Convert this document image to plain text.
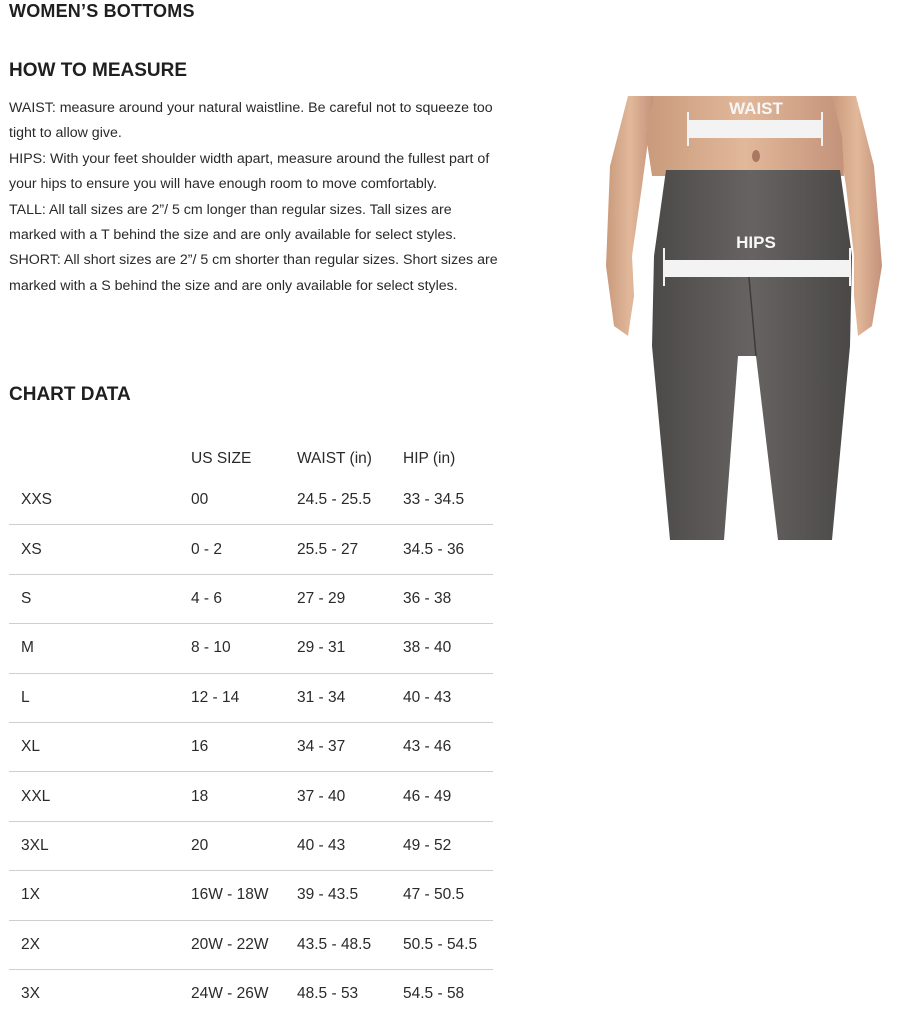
WOMEN’S BOTTOMS
HOW TO MEASURE

WAIST: measure around your natural waistline. Be careful not to squeeze too tight to allow give.

HIPS: With your feet shoulder width apart, measure around the fullest part of your hips to ensure you will have enough room to move comfortably.

TALL: All tall sizes are 2”/ 5 cm longer than regular sizes. Tall sizes are marked with a T behind the size and are only available for select styles.

SHORT: All short sizes are 2”/ 5 cm shorter than regular sizes. Short sizes are marked with a S behind the size and are only available for select styles.

CHART DATA
	US SIZE	WAIST (in)	HIP (in)
XXS	00	24.5 - 25.5	33 - 34.5
XS	0 - 2	25.5 - 27	34.5 - 36
S	4 - 6	27 - 29	36 - 38
M	8 - 10	29 - 31	38 - 40
L	12 - 14	31 - 34	40 - 43
XL	16	34 - 37	43 - 46
XXL	18	37 - 40	46 - 49
3XL	20	40 - 43	49 - 52
1X	16W - 18W	39 - 43.5	47 - 50.5
2X	20W - 22W	43.5 - 48.5	50.5 - 54.5
3X	24W - 26W	48.5 - 53	54.5 - 58
WAIST
HIPS
